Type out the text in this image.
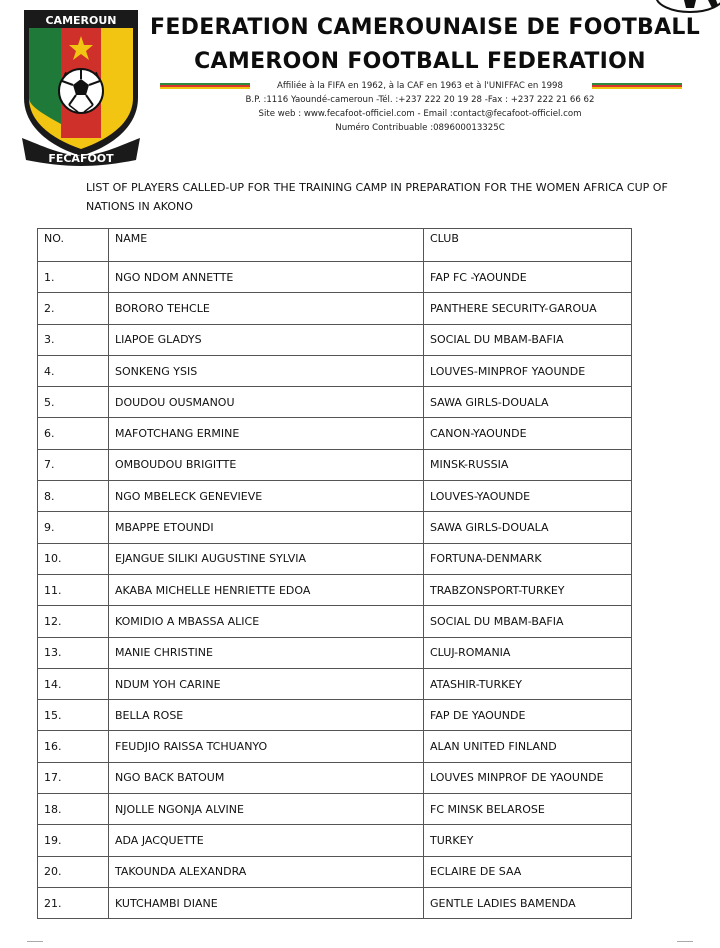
FECAFOOT
CAMEROUN FEDERATION CAMEROUNAISE DE FOOTBALL
CAMEROON FOOTBALL FEDERATION
Affiliée à la FIFA en 1962, à la CAF en 1963 et à l'UNIFFAC en 1998
B.P. :1116 Yaoundé-cameroun -Tél. :+237 222 20 19 28 -Fax : +237 222 21 66 62
Site web : www.fecafoot-officiel.com - Email :contact@fecafoot-officiel.com
Numéro Contribuable :089600013325C
LIST OF PLAYERS CALLED-UP FOR THE TRAINING CAMP IN PREPARATION FOR THE WOMEN AFRICA CUP OF NATIONS IN AKONO
NO.	NAME	CLUB
1.	NGO NDOM ANNETTE	FAP FC -YAOUNDE
2.	BORORO TEHCLE	PANTHERE SECURITY-GAROUA
3.	LIAPOE GLADYS	SOCIAL DU MBAM-BAFIA
4.	SONKENG YSIS	LOUVES-MINPROF YAOUNDE
5.	DOUDOU OUSMANOU	SAWA GIRLS-DOUALA
6.	MAFOTCHANG ERMINE	CANON-YAOUNDE
7.	OMBOUDOU BRIGITTE	MINSK-RUSSIA
8.	NGO MBELECK GENEVIEVE	LOUVES-YAOUNDE
9.	MBAPPE ETOUNDI	SAWA GIRLS-DOUALA
10.	EJANGUE SILIKI AUGUSTINE SYLVIA	FORTUNA-DENMARK
11.	AKABA MICHELLE HENRIETTE EDOA	TRABZONSPORT-TURKEY
12.	KOMIDIO A MBASSA ALICE	SOCIAL DU MBAM-BAFIA
13.	MANIE CHRISTINE	CLUJ-ROMANIA
14.	NDUM YOH CARINE	ATASHIR-TURKEY
15.	BELLA ROSE	FAP DE YAOUNDE
16.	FEUDJIO RAISSA TCHUANYO	ALAN UNITED FINLAND
17.	NGO BACK BATOUM	LOUVES MINPROF DE YAOUNDE
18.	NJOLLE NGONJA ALVINE	FC MINSK BELAROSE
19.	ADA JACQUETTE	TURKEY
20.	TAKOUNDA ALEXANDRA	ECLAIRE DE SAA
21.	KUTCHAMBI DIANE	GENTLE LADIES BAMENDA
